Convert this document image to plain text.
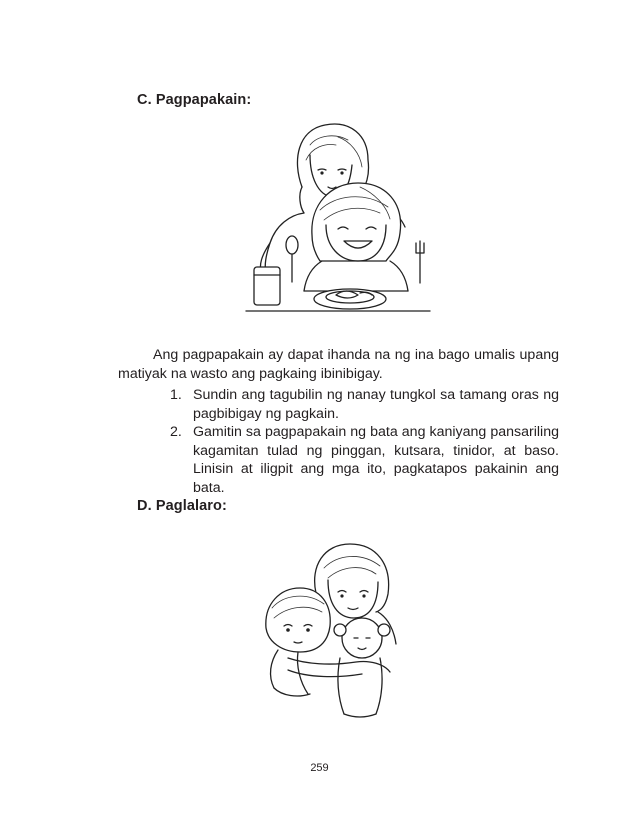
C. Pagpapakain:
Ang pagpapakain ay dapat ihanda na ng ina bago umalis upang matiyak na wasto ang pagkaing ibinibigay.
1. Sundin ang tagubilin ng nanay tungkol sa tamang oras ng pagbibigay ng pagkain.
2. Gamitin sa pagpapakain ng bata ang kaniyang pansariling kagamitan tulad ng pinggan, kutsara, tinidor, at baso. Linisin at iligpit ang mga ito, pagkatapos pakainin ang bata.
D. Paglalaro:
259
